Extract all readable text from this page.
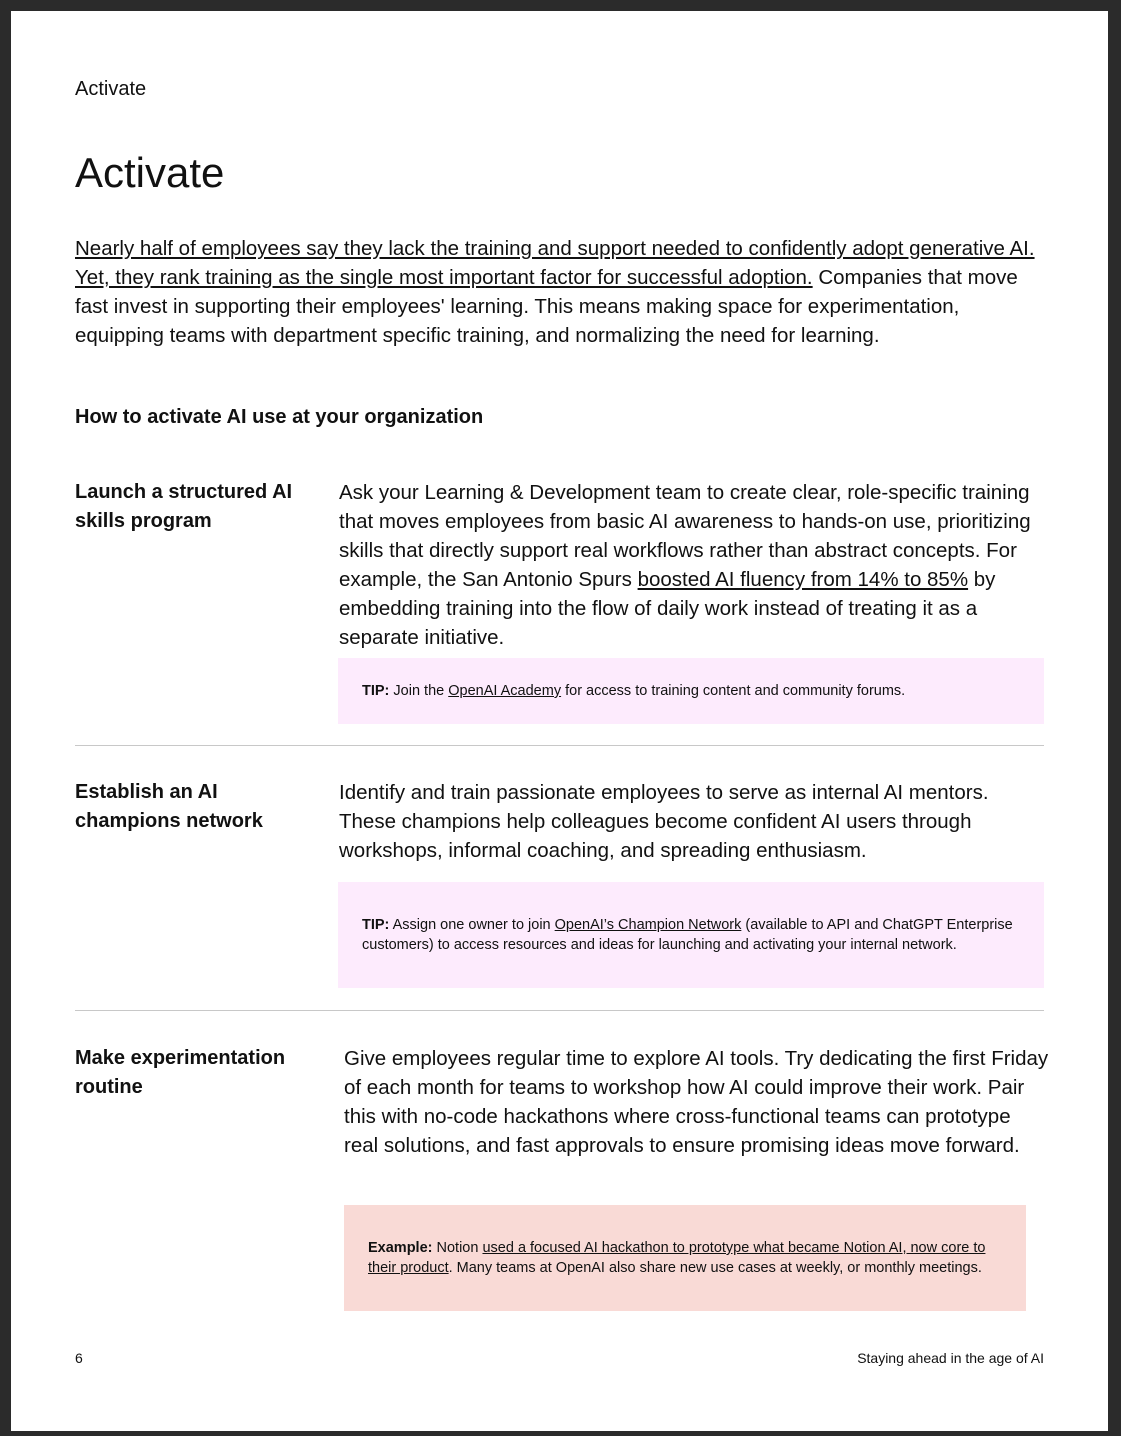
Activate
Activate

Nearly half of employees say they lack the training and support needed to confidently adopt generative AI. Yet, they rank training as the single most important factor for successful adoption. Companies that move fast invest in supporting their employees' learning. This means making space for experimentation, equipping teams with department specific training, and normalizing the need for learning.

How to activate AI use at your organization

Launch a structured AI skills program

Ask your Learning & Development team to create clear, role-specific training that moves employees from basic AI awareness to hands-on use, prioritizing skills that directly support real workflows rather than abstract concepts. For example, the San Antonio Spurs boosted AI fluency from 14% to 85% by embedding training into the flow of daily work instead of treating it as a separate initiative.

TIP: Join the OpenAI Academy for access to training content and community forums.

Establish an AI champions network

Identify and train passionate employees to serve as internal AI mentors. These champions help colleagues become confident AI users through workshops, informal coaching, and spreading enthusiasm.

TIP: Assign one owner to join OpenAI’s Champion Network (available to API and ChatGPT Enterprise customers) to access resources and ideas for launching and activating your internal network.

Make experimentation routine

Give employees regular time to explore AI tools. Try dedicating the first Friday of each month for teams to workshop how AI could improve their work. Pair this with no-code hackathons where cross-functional teams can prototype real solutions, and fast approvals to ensure promising ideas move forward.

Example: Notion used a focused AI hackathon to prototype what became Notion AI, now core to their product. Many teams at OpenAI also share new use cases at weekly, or monthly meetings.
6	Staying ahead in the age of AI
